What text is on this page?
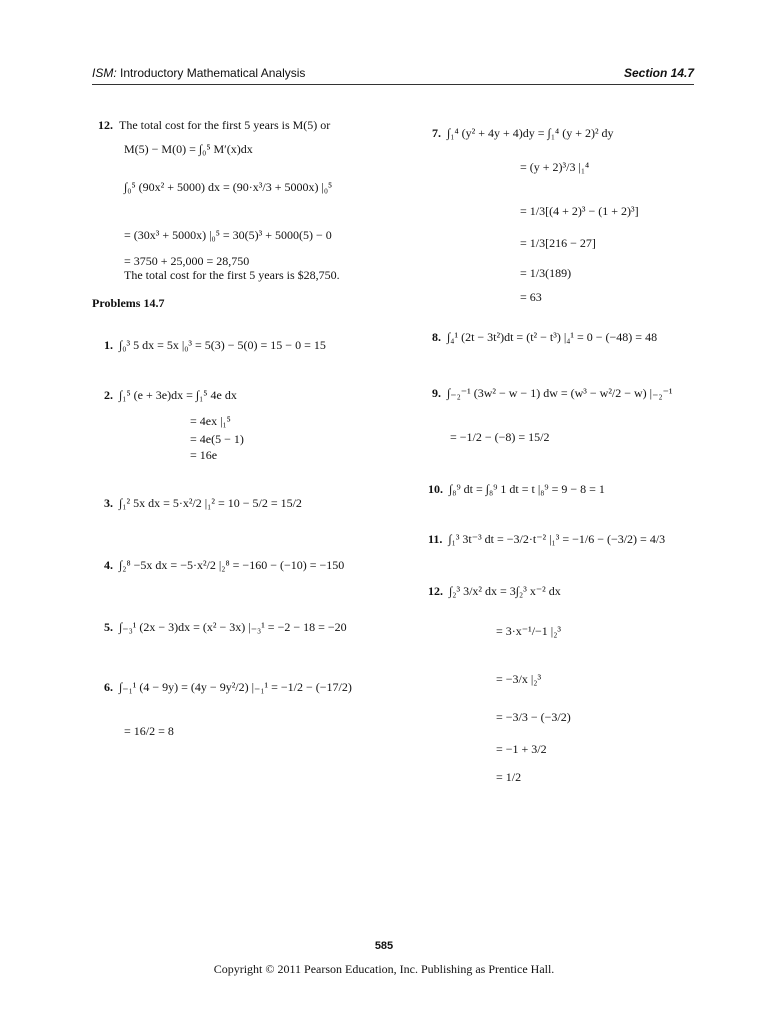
ISM: Introductory Mathematical Analysis	Section 14.7
12. The total cost for the first 5 years is M(5) or
M(5) − M(0) = ∫₀⁵ M′(x)dx
∫₀⁵ (90x² + 5000) dx = (90·x³/3 + 5000x) |₀⁵
= (30x³ + 5000x) |₀⁵ = 30(5)³ + 5000(5) − 0
= 3750 + 25,000 = 28,750
The total cost for the first 5 years is $28,750.
Problems 14.7
1. ∫₀³ 5 dx = 5x |₀³ = 5(3) − 5(0) = 15 − 0 = 15
2. ∫₁⁵ (e + 3e)dx = ∫₁⁵ 4e dx
= 4ex |₁⁵
= 4e(5 − 1)
= 16e
3. ∫₁² 5x dx = 5·x²/2 |₁² = 10 − 5/2 = 15/2
4. ∫₂⁸ −5x dx = −5·x²/2 |₂⁸ = −160 − (−10) = −150
5. ∫₋₃¹ (2x − 3)dx = (x² − 3x) |₋₃¹ = −2 − 18 = −20
6. ∫₋₁¹ (4 − 9y) = (4y − 9y²/2) |₋₁¹ = −1/2 − (−17/2)
= 16/2 = 8
7. ∫₁⁴ (y² + 4y + 4)dy = ∫₁⁴ (y + 2)² dy
= (y + 2)³/3 |₁⁴
= 1/3[(4 + 2)³ − (1 + 2)³]
= 1/3[216 − 27]
= 1/3(189)
= 63
8. ∫₄¹ (2t − 3t²)dt = (t² − t³) |₄¹ = 0 − (−48) = 48
9. ∫₋₂⁻¹ (3w² − w − 1) dw = (w³ − w²/2 − w) |₋₂⁻¹
= −1/2 − (−8) = 15/2
10. ∫₈⁹ dt = ∫₈⁹ 1 dt = t |₈⁹ = 9 − 8 = 1
11. ∫₁³ 3t⁻³ dt = −3/2·t⁻² |₁³ = −1/6 − (−3/2) = 4/3
12. ∫₂³ 3/x² dx = 3∫₂³ x⁻² dx
= 3·x⁻¹/−1 |₂³
= −3/x |₂³
= −3/3 − (−3/2)
= −1 + 3/2
= 1/2
585
Copyright © 2011 Pearson Education, Inc. Publishing as Prentice Hall.
